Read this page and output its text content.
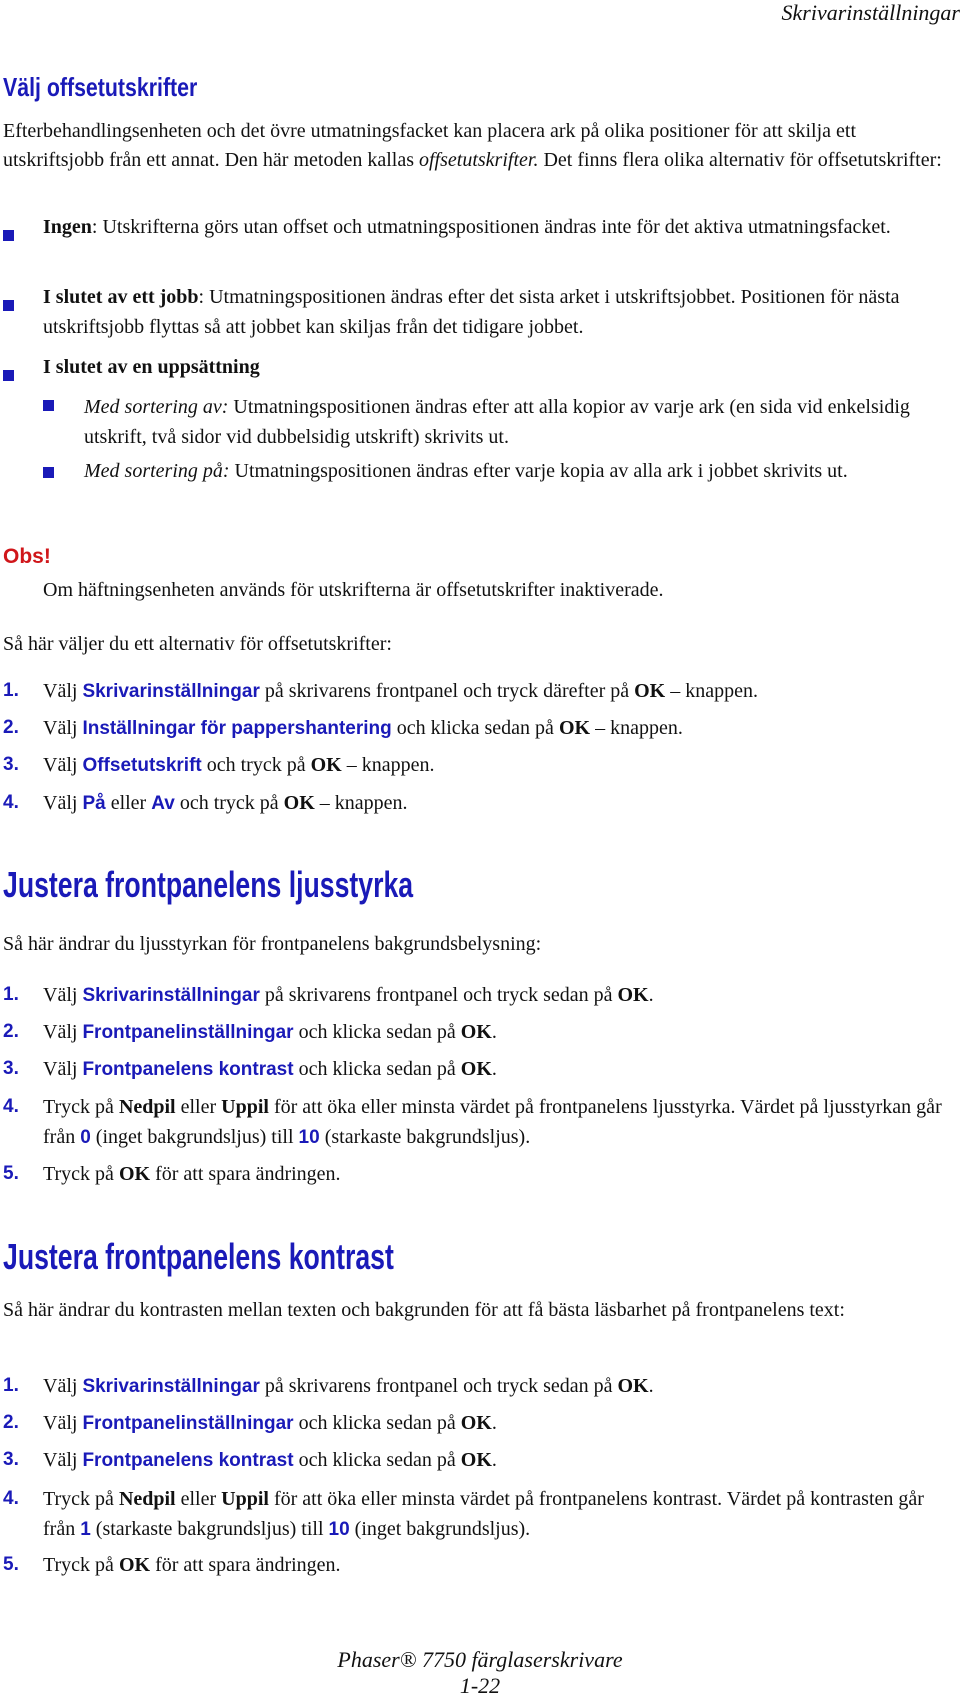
Skrivarinställningar
Välj offsetutskrifter
Efterbehandlingsenheten och det övre utmatningsfacket kan placera ark på olika positioner för att skilja ett utskriftsjobb från ett annat. Den här metoden kallas offsetutskrifter. Det finns flera olika alternativ för offsetutskrifter:
Ingen: Utskrifterna görs utan offset och utmatningspositionen ändras inte för det aktiva utmatningsfacket.
I slutet av ett jobb: Utmatningspositionen ändras efter det sista arket i utskriftsjobbet. Positionen för nästa utskriftsjobb flyttas så att jobbet kan skiljas från det tidigare jobbet.
I slutet av en uppsättning
Med sortering av: Utmatningspositionen ändras efter att alla kopior av varje ark (en sida vid enkelsidig utskrift, två sidor vid dubbelsidig utskrift) skrivits ut.
Med sortering på: Utmatningspositionen ändras efter varje kopia av alla ark i jobbet skrivits ut.
Obs!
Om häftningsenheten används för utskrifterna är offsetutskrifter inaktiverade.
Så här väljer du ett alternativ för offsetutskrifter:
1.	Välj Skrivarinställningar på skrivarens frontpanel och tryck därefter på OK – knappen.
2.	Välj Inställningar för pappershantering och klicka sedan på OK – knappen.
3.	Välj Offsetutskrift och tryck på OK – knappen.
4.	Välj På eller Av och tryck på OK – knappen.
Justera frontpanelens ljusstyrka
Så här ändrar du ljusstyrkan för frontpanelens bakgrundsbelysning:
1.	Välj Skrivarinställningar på skrivarens frontpanel och tryck sedan på OK.
2.	Välj Frontpanelinställningar och klicka sedan på OK.
3.	Välj Frontpanelens kontrast och klicka sedan på OK.
4.	Tryck på Nedpil eller Uppil för att öka eller minsta värdet på frontpanelens ljusstyrka. Värdet på ljusstyrkan går från 0 (inget bakgrundsljus) till 10 (starkaste bakgrundsljus).
5.	Tryck på OK för att spara ändringen.
Justera frontpanelens kontrast
Så här ändrar du kontrasten mellan texten och bakgrunden för att få bästa läsbarhet på frontpanelens text:
1.	Välj Skrivarinställningar på skrivarens frontpanel och tryck sedan på OK.
2.	Välj Frontpanelinställningar och klicka sedan på OK.
3.	Välj Frontpanelens kontrast och klicka sedan på OK.
4.	Tryck på Nedpil eller Uppil för att öka eller minsta värdet på frontpanelens kontrast. Värdet på kontrasten går från 1 (starkaste bakgrundsljus) till 10 (inget bakgrundsljus).
5.	Tryck på OK för att spara ändringen.
Phaser® 7750 färglaserskrivare
1-22
